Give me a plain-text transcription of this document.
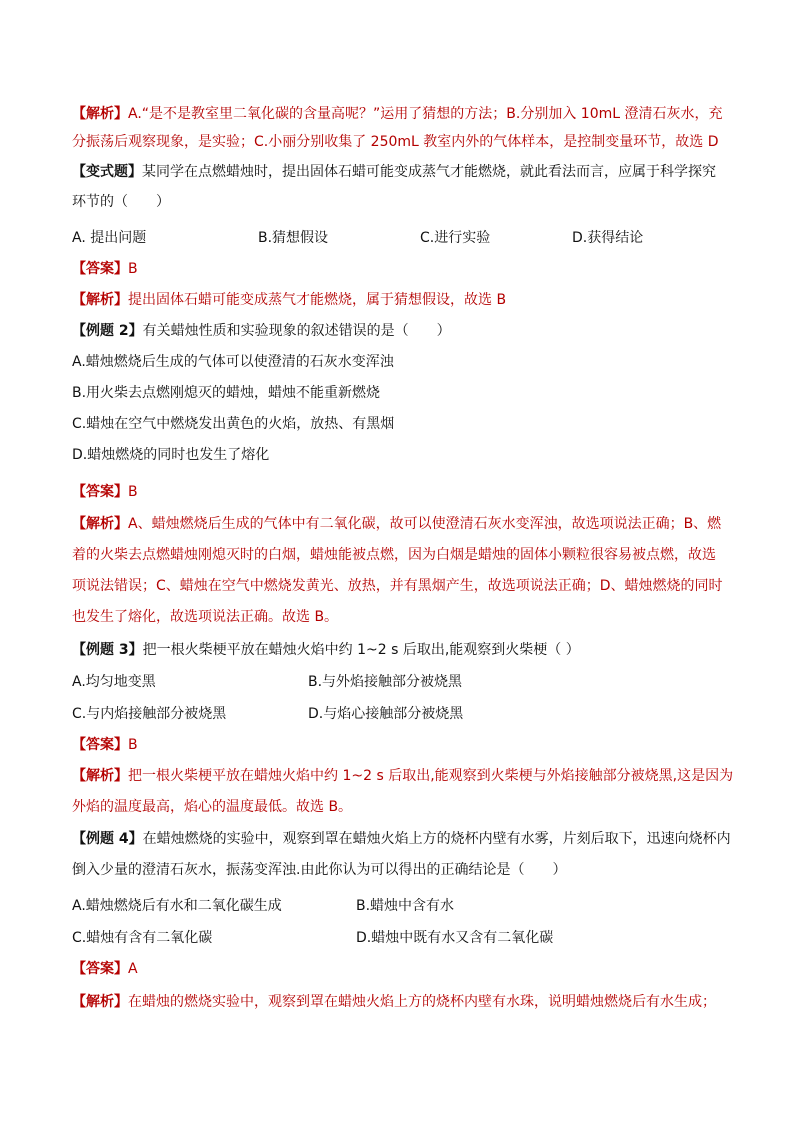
【解析】A.“是不是教室里二氧化碳的含量高呢？”运用了猜想的方法；B.分别加入 10mL 澄清石灰水，充
分振荡后观察现象，是实验；C.小丽分别收集了 250mL 教室内外的气体样本，是控制变量环节，故选 D
【变式题】某同学在点燃蜡烛时，提出固体石蜡可能变成蒸气才能燃烧，就此看法而言，应属于科学探究
环节的（　　）
A. 提出问题	B.猜想假设	C.进行实验	D.获得结论
【答案】B
【解析】提出固体石蜡可能变成蒸气才能燃烧，属于猜想假设，故选 B
【例题 2】有关蜡烛性质和实验现象的叙述错误的是（　　）
A.蜡烛燃烧后生成的气体可以使澄清的石灰水变浑浊
B.用火柴去点燃刚熄灭的蜡烛，蜡烛不能重新燃烧
C.蜡烛在空气中燃烧发出黄色的火焰，放热、有黑烟
D.蜡烛燃烧的同时也发生了熔化
【答案】B
【解析】A、蜡烛燃烧后生成的气体中有二氧化碳，故可以使澄清石灰水变浑浊，故选项说法正确；B、燃
着的火柴去点燃蜡烛刚熄灭时的白烟，蜡烛能被点燃，因为白烟是蜡烛的固体小颗粒很容易被点燃，故选
项说法错误；C、蜡烛在空气中燃烧发黄光、放热，并有黑烟产生，故选项说法正确；D、蜡烛燃烧的同时
也发生了熔化，故选项说法正确。故选 B。
【例题 3】把一根火柴梗平放在蜡烛火焰中约 1~2 s 后取出,能观察到火柴梗（ ）
A.均匀地变黑	B.与外焰接触部分被烧黑
C.与内焰接触部分被烧黑	D.与焰心接触部分被烧黑
【答案】B
【解析】把一根火柴梗平放在蜡烛火焰中约 1~2 s 后取出,能观察到火柴梗与外焰接触部分被烧黑,这是因为
外焰的温度最高，焰心的温度最低。故选 B。
【例题 4】在蜡烛燃烧的实验中，观察到罩在蜡烛火焰上方的烧杯内壁有水雾，片刻后取下，迅速向烧杯内
倒入少量的澄清石灰水，振荡变浑浊.由此你认为可以得出的正确结论是（　　）
A.蜡烛燃烧后有水和二氧化碳生成	B.蜡烛中含有水
C.蜡烛有含有二氧化碳	D.蜡烛中既有水又含有二氧化碳
【答案】A
【解析】在蜡烛的燃烧实验中，观察到罩在蜡烛火焰上方的烧杯内壁有水珠，说明蜡烛燃烧后有水生成；
